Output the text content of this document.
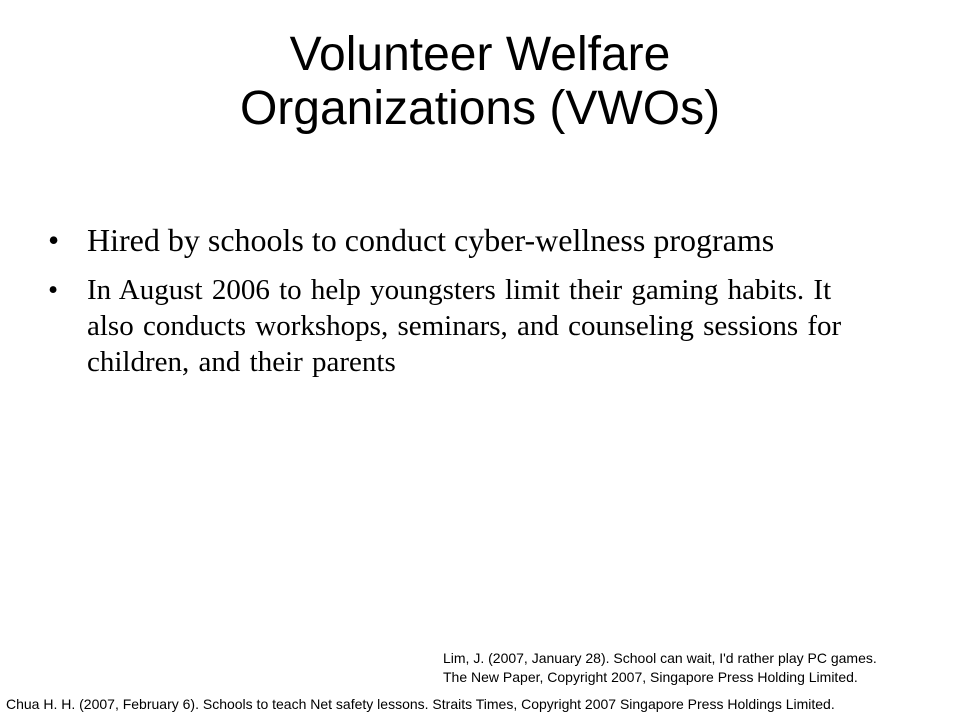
Volunteer Welfare
Organizations (VWOs)
• Hired by schools to conduct cyber-wellness programs
• In August 2006 to help youngsters limit their gaming habits. It also conducts workshops, seminars, and counseling sessions for children, and their parents

Lim, J. (2007, January 28). School can wait, I'd rather play PC games.
The New Paper, Copyright 2007, Singapore Press Holding Limited.

Chua H. H. (2007, February 6). Schools to teach Net safety lessons. Straits Times, Copyright 2007 Singapore Press Holdings Limited.
